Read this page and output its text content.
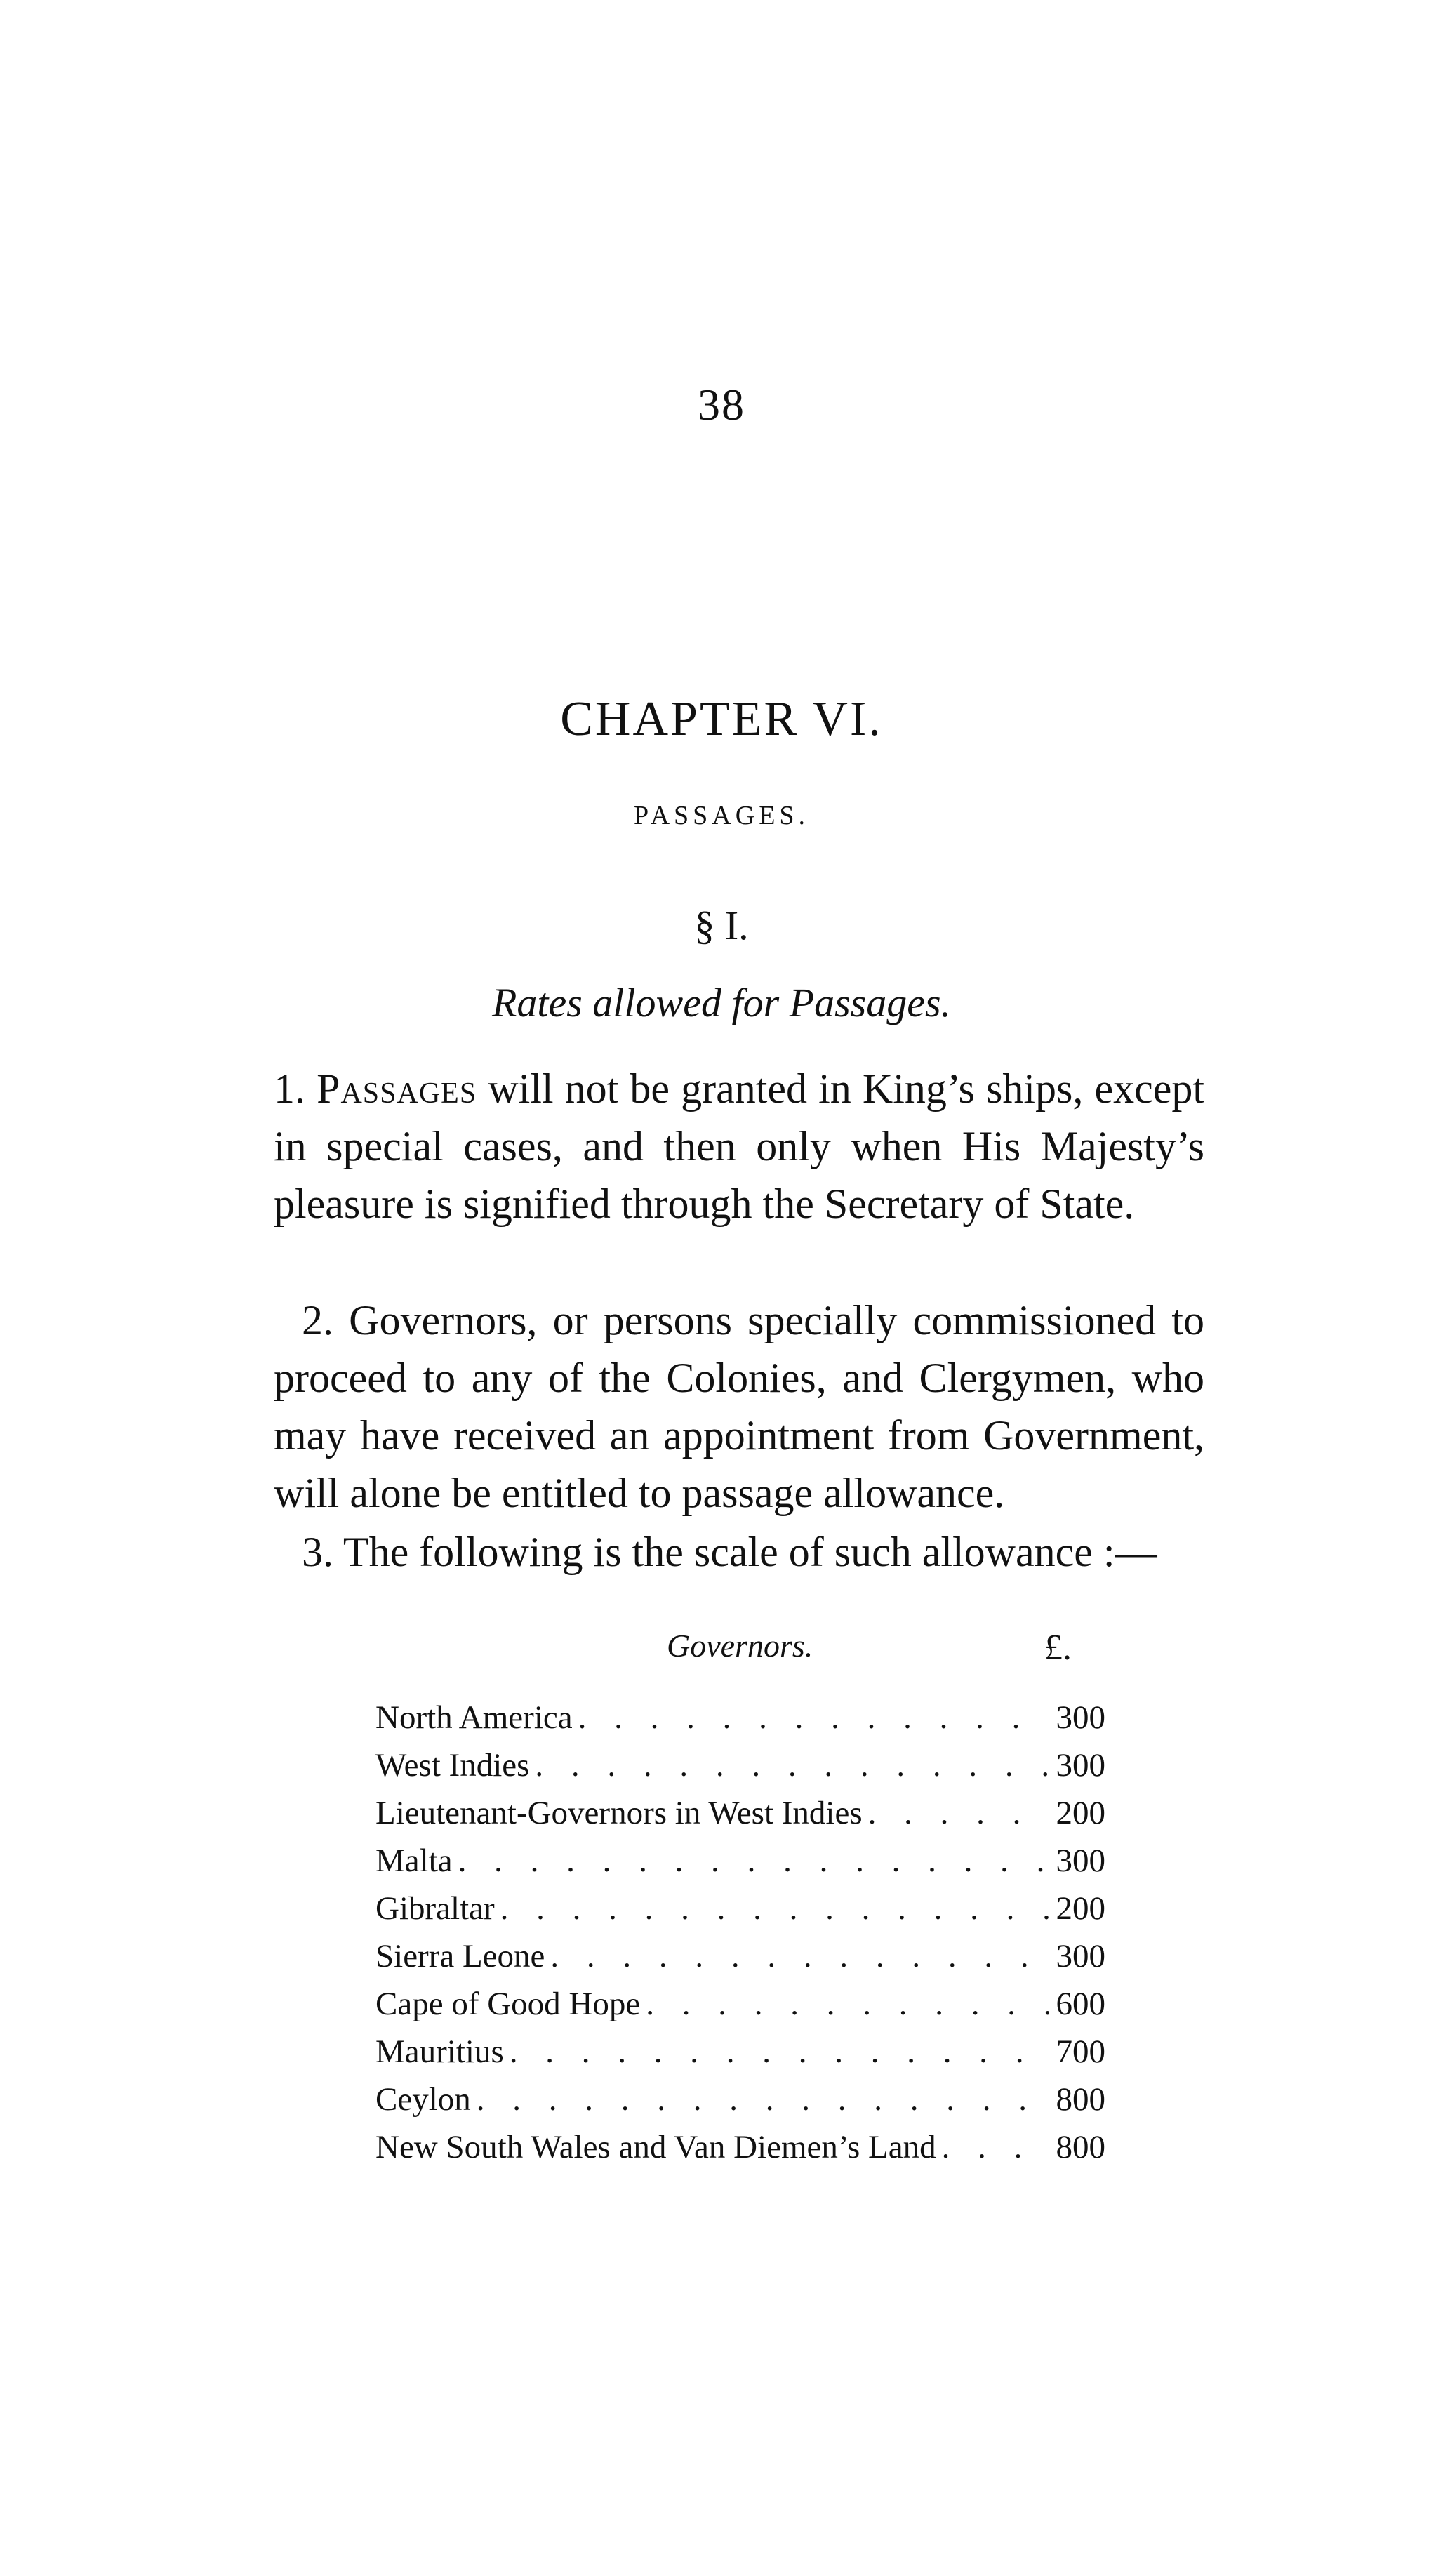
38
CHAPTER VI.
PASSAGES.
§ I.
Rates allowed for Passages.

1. Passages will not be granted in King’s ships, except in special cases, and then only when His Majesty’s pleasure is signified through the Secretary of State.

2. Governors, or persons specially commissioned to proceed to any of the Colonies, and Clergymen, who may have received an appointment from Government, will alone be entitled to passage allowance.

3. The following is the scale of such allowance :—

Governors.	£.
North America . . .	300
West Indies . . .	300
Lieutenant-Governors in West Indies . . .	200
Malta . . .	300
Gibraltar . . .	200
Sierra Leone . . .	300
Cape of Good Hope . . .	600
Mauritius . . .	700
Ceylon . . .	800
New South Wales and Van Diemen’s Land . . .	800
